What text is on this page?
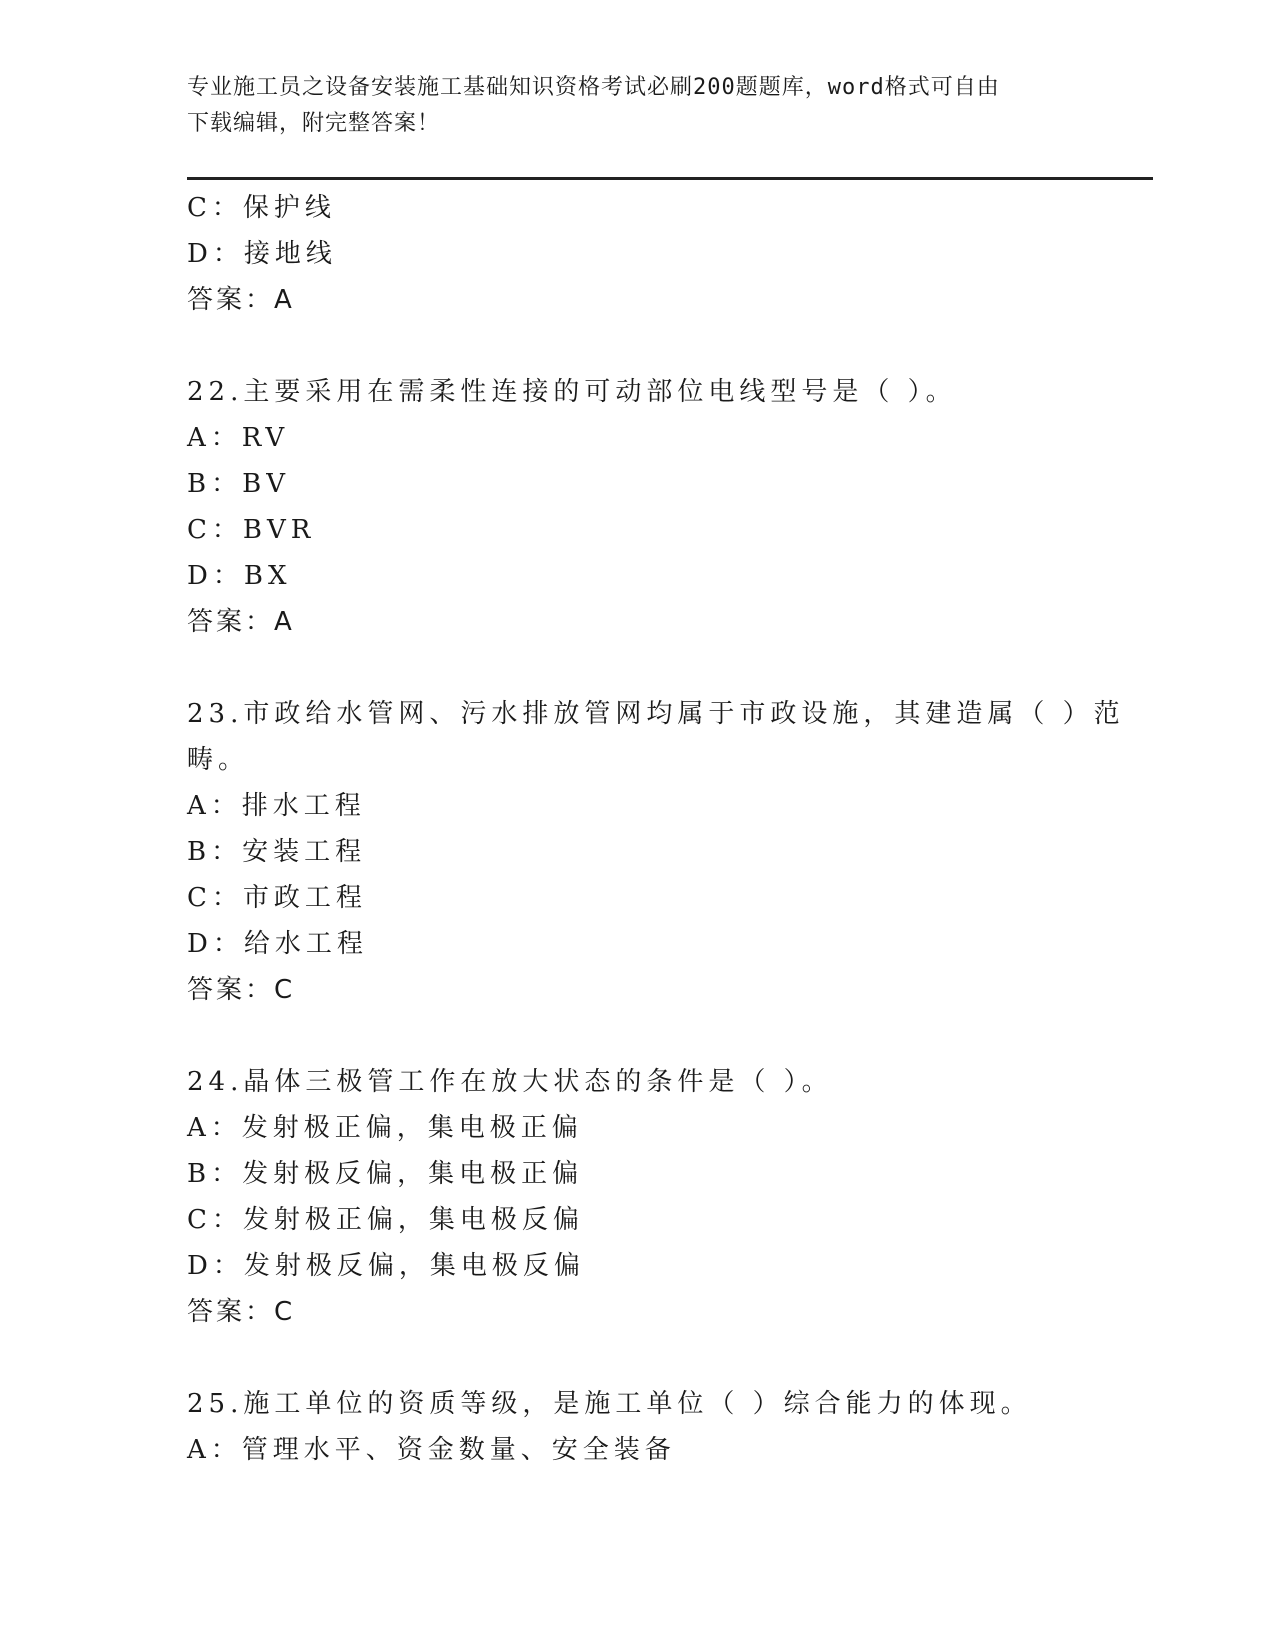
专业施工员之设备安装施工基础知识资格考试必刷200题题库，word格式可自由
下载编辑，附完整答案！
C：保护线
D：接地线
答案：A
22.主要采用在需柔性连接的可动部位电线型号是（ ）。
A：RV
B：BV
C：BVR
D：BX
答案：A
23.市政给水管网、污水排放管网均属于市政设施，其建造属（ ）范
畴。
A：排水工程
B：安装工程
C：市政工程
D：给水工程
答案：C
24.晶体三极管工作在放大状态的条件是（ ）。
A：发射极正偏，集电极正偏
B：发射极反偏，集电极正偏
C：发射极正偏，集电极反偏
D：发射极反偏，集电极反偏
答案：C
25.施工单位的资质等级，是施工单位（ ）综合能力的体现。
A：管理水平、资金数量、安全装备
